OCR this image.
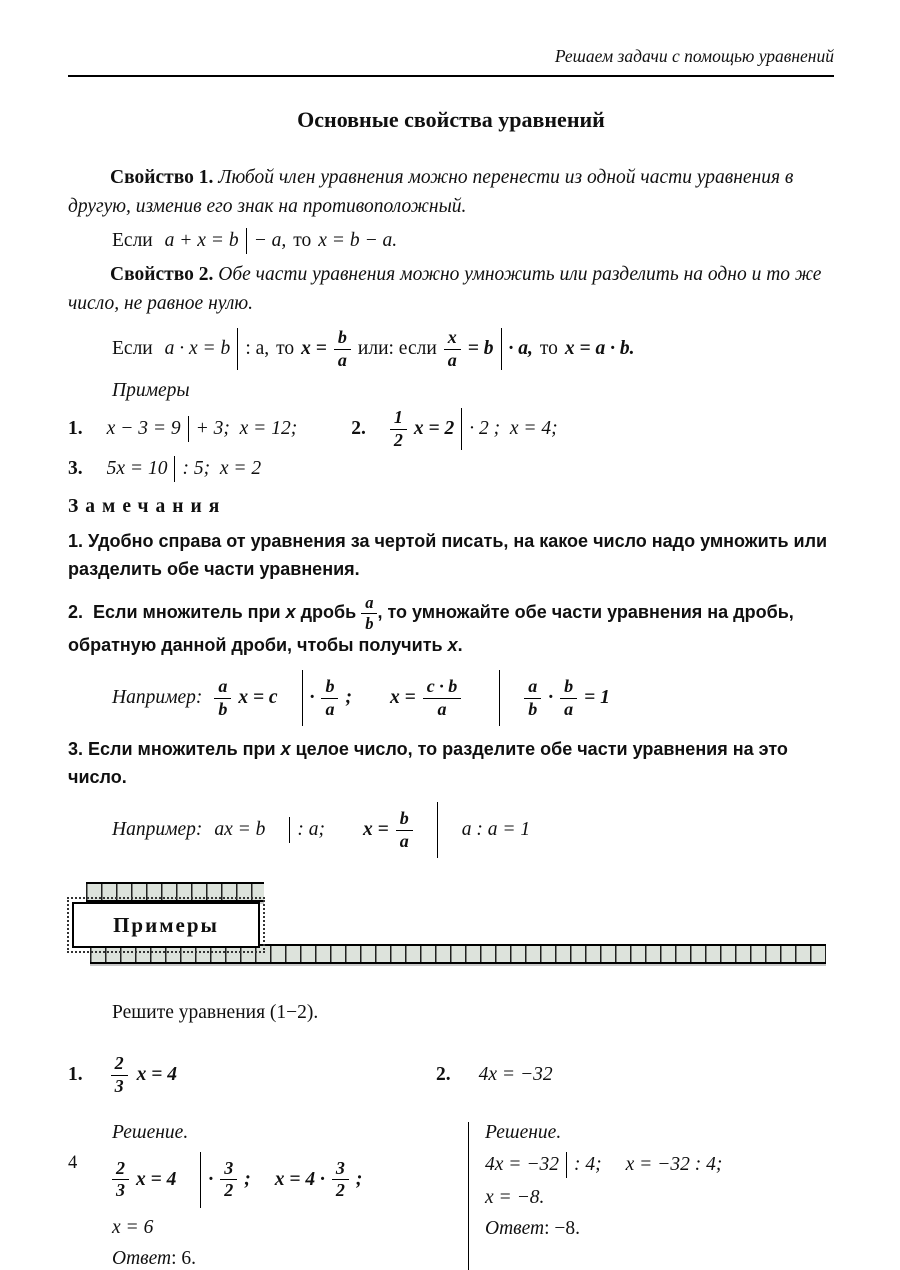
Решаем задачи с помощью уравнений
Основные свойства уравнений

Свойство 1. Любой член уравнения можно перенести из одной части уравнения в другую, изменив его знак на противоположный.

Если a + x = b − a, то x = b − a.

Свойство 2. Обе части уравнения можно умножить или разделить на одно и то же число, не равное нулю.

Если a · x = b : a, то $x = \frac{b}{a}$ или: если $\frac{x}{a} = b \cdot a$, то x = a · b.
Примеры
1. x − 3 = 9 + 3;  x = 12;	2. $\frac{1}{2}$ x = 2 · 2 ;  x = 4;
3. 5x = 10 : 5;  x = 2
Замечания

1. Удобно справа от уравнения за чертой писать, на какое число надо умножить или разделить обе части уравнения.

2.  Если множитель при x дробь $\frac{a}{b}$ , то умножайте обе части уравнения на дробь, обратную данной дроби, чтобы получить x.

Например: $\frac{a}{b}$ $x = c \cdot \frac{b}{a}$ ; $x = \frac{c \cdot b}{a}$	$\frac{a}{b} \cdot \frac{b}{a} = 1$

3. Если множитель при x целое число, то разделите обе части уравнения на это число.

Например: ax = b : a; $x = \frac{b}{a}$	a : a = 1
Примеры
Решите уравнения (1−2).
1. $\frac{2}{3}$ x = 4	2. 4x = −32
Решение.
$\frac{2}{3}$ $x = 4 \cdot \frac{3}{2}$ ; $x = 4 \cdot \frac{3}{2}$ ;
x = 6
Ответ: 6.
Решение.
4x = −32 : 4; x = −32 : 4;
x = −8.
Ответ: −8.
4
